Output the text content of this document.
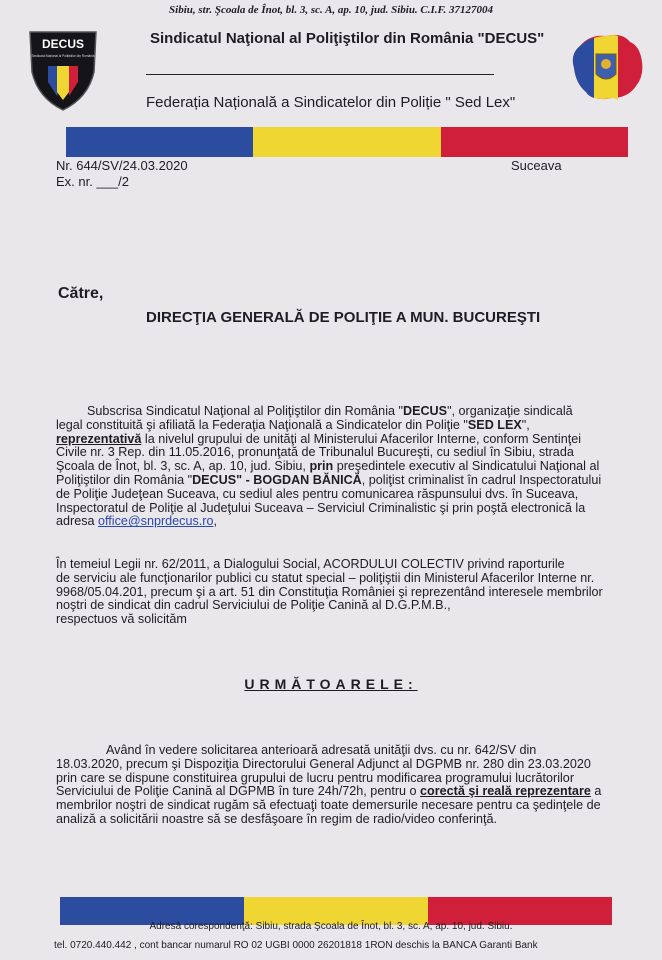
Sibiu, str. Şcoala de Înot, bl. 3, sc. A, ap. 10, jud. Sibiu. C.I.F. 37127004
DECUS
Sindicatul Național al Polițiștilor din România
Sindicatul Naţional al Poliţiştilor din România "DECUS"
Federația Națională a Sindicatelor din Poliție " Sed Lex"
Nr. 644/SV/24.03.2020	Suceava
Ex. nr. ___/2
Către,
DIRECŢIA GENERALĂ DE POLIŢIE A MUN. BUCUREŞTI
Subscrisa Sindicatul Naţional al Poliţiştilor din România "DECUS", organizaţie sindicală
legal constituită şi afiliată la Federaţia Naţională a Sindicatelor din Poliţie "SED LEX",
reprezentativă la nivelul grupului de unităţi al Ministerului Afacerilor Interne, conform Sentinţei
Civile nr. 3 Rep. din 11.05.2016, pronunţată de Tribunalul Bucureşti, cu sediul în Sibiu, strada
Şcoala de Înot, bl. 3, sc. A, ap. 10, jud. Sibiu, prin preşedintele executiv al Sindicatului Naţional al
Poliţiştilor din România "DECUS" - BOGDAN BĂNICĂ, poliţist criminalist în cadrul Inspectoratului
de Poliţie Judeţean Suceava, cu sediul ales pentru comunicarea răspunsului dvs. în Suceava,
Inspectoratul de Poliţie al Judeţului Suceava – Serviciul Criminalistic şi prin poştă electronică la
adresa office@snprdecus.ro,
În temeiul Legii nr. 62/2011, a Dialogului Social, ACORDULUI COLECTIV privind raporturile
de serviciu ale funcţionarilor publici cu statut special – poliţiştii din Ministerul Afacerilor Interne nr.
9968/05.04.201, precum şi a art. 51 din Constituţia României şi reprezentând interesele membrilor
noştri de sindicat din cadrul Serviciului de Poliţie Canină al D.G.P.M.B.,
respectuos vă solicităm
URMĂTOARELE:
Având în vedere solicitarea anterioară adresată unităţii dvs. cu nr. 642/SV din
18.03.2020, precum şi Dispoziţia Directorului General Adjunct al DGPMB nr. 280 din 23.03.2020
prin care se dispune constituirea grupului de lucru pentru modificarea programului lucrătorilor
Serviciului de Poliţie Canină al DGPMB în ture 24h/72h, pentru o corectă şi reală reprezentare a
membrilor noştri de sindicat rugăm să efectuaţi toate demersurile necesare pentru ca şedinţele de
analiză a solicitării noastre să se desfăşoare în regim de radio/video conferinţă.
Adresă corespondenţă: Sibiu, strada Şcoala de Înot, bl. 3, sc. A, ap. 10, jud. Sibiu.
tel. 0720.440.442 , cont bancar numarul RO 02 UGBI 0000 26201818 1RON deschis la BANCA Garanti Bank
